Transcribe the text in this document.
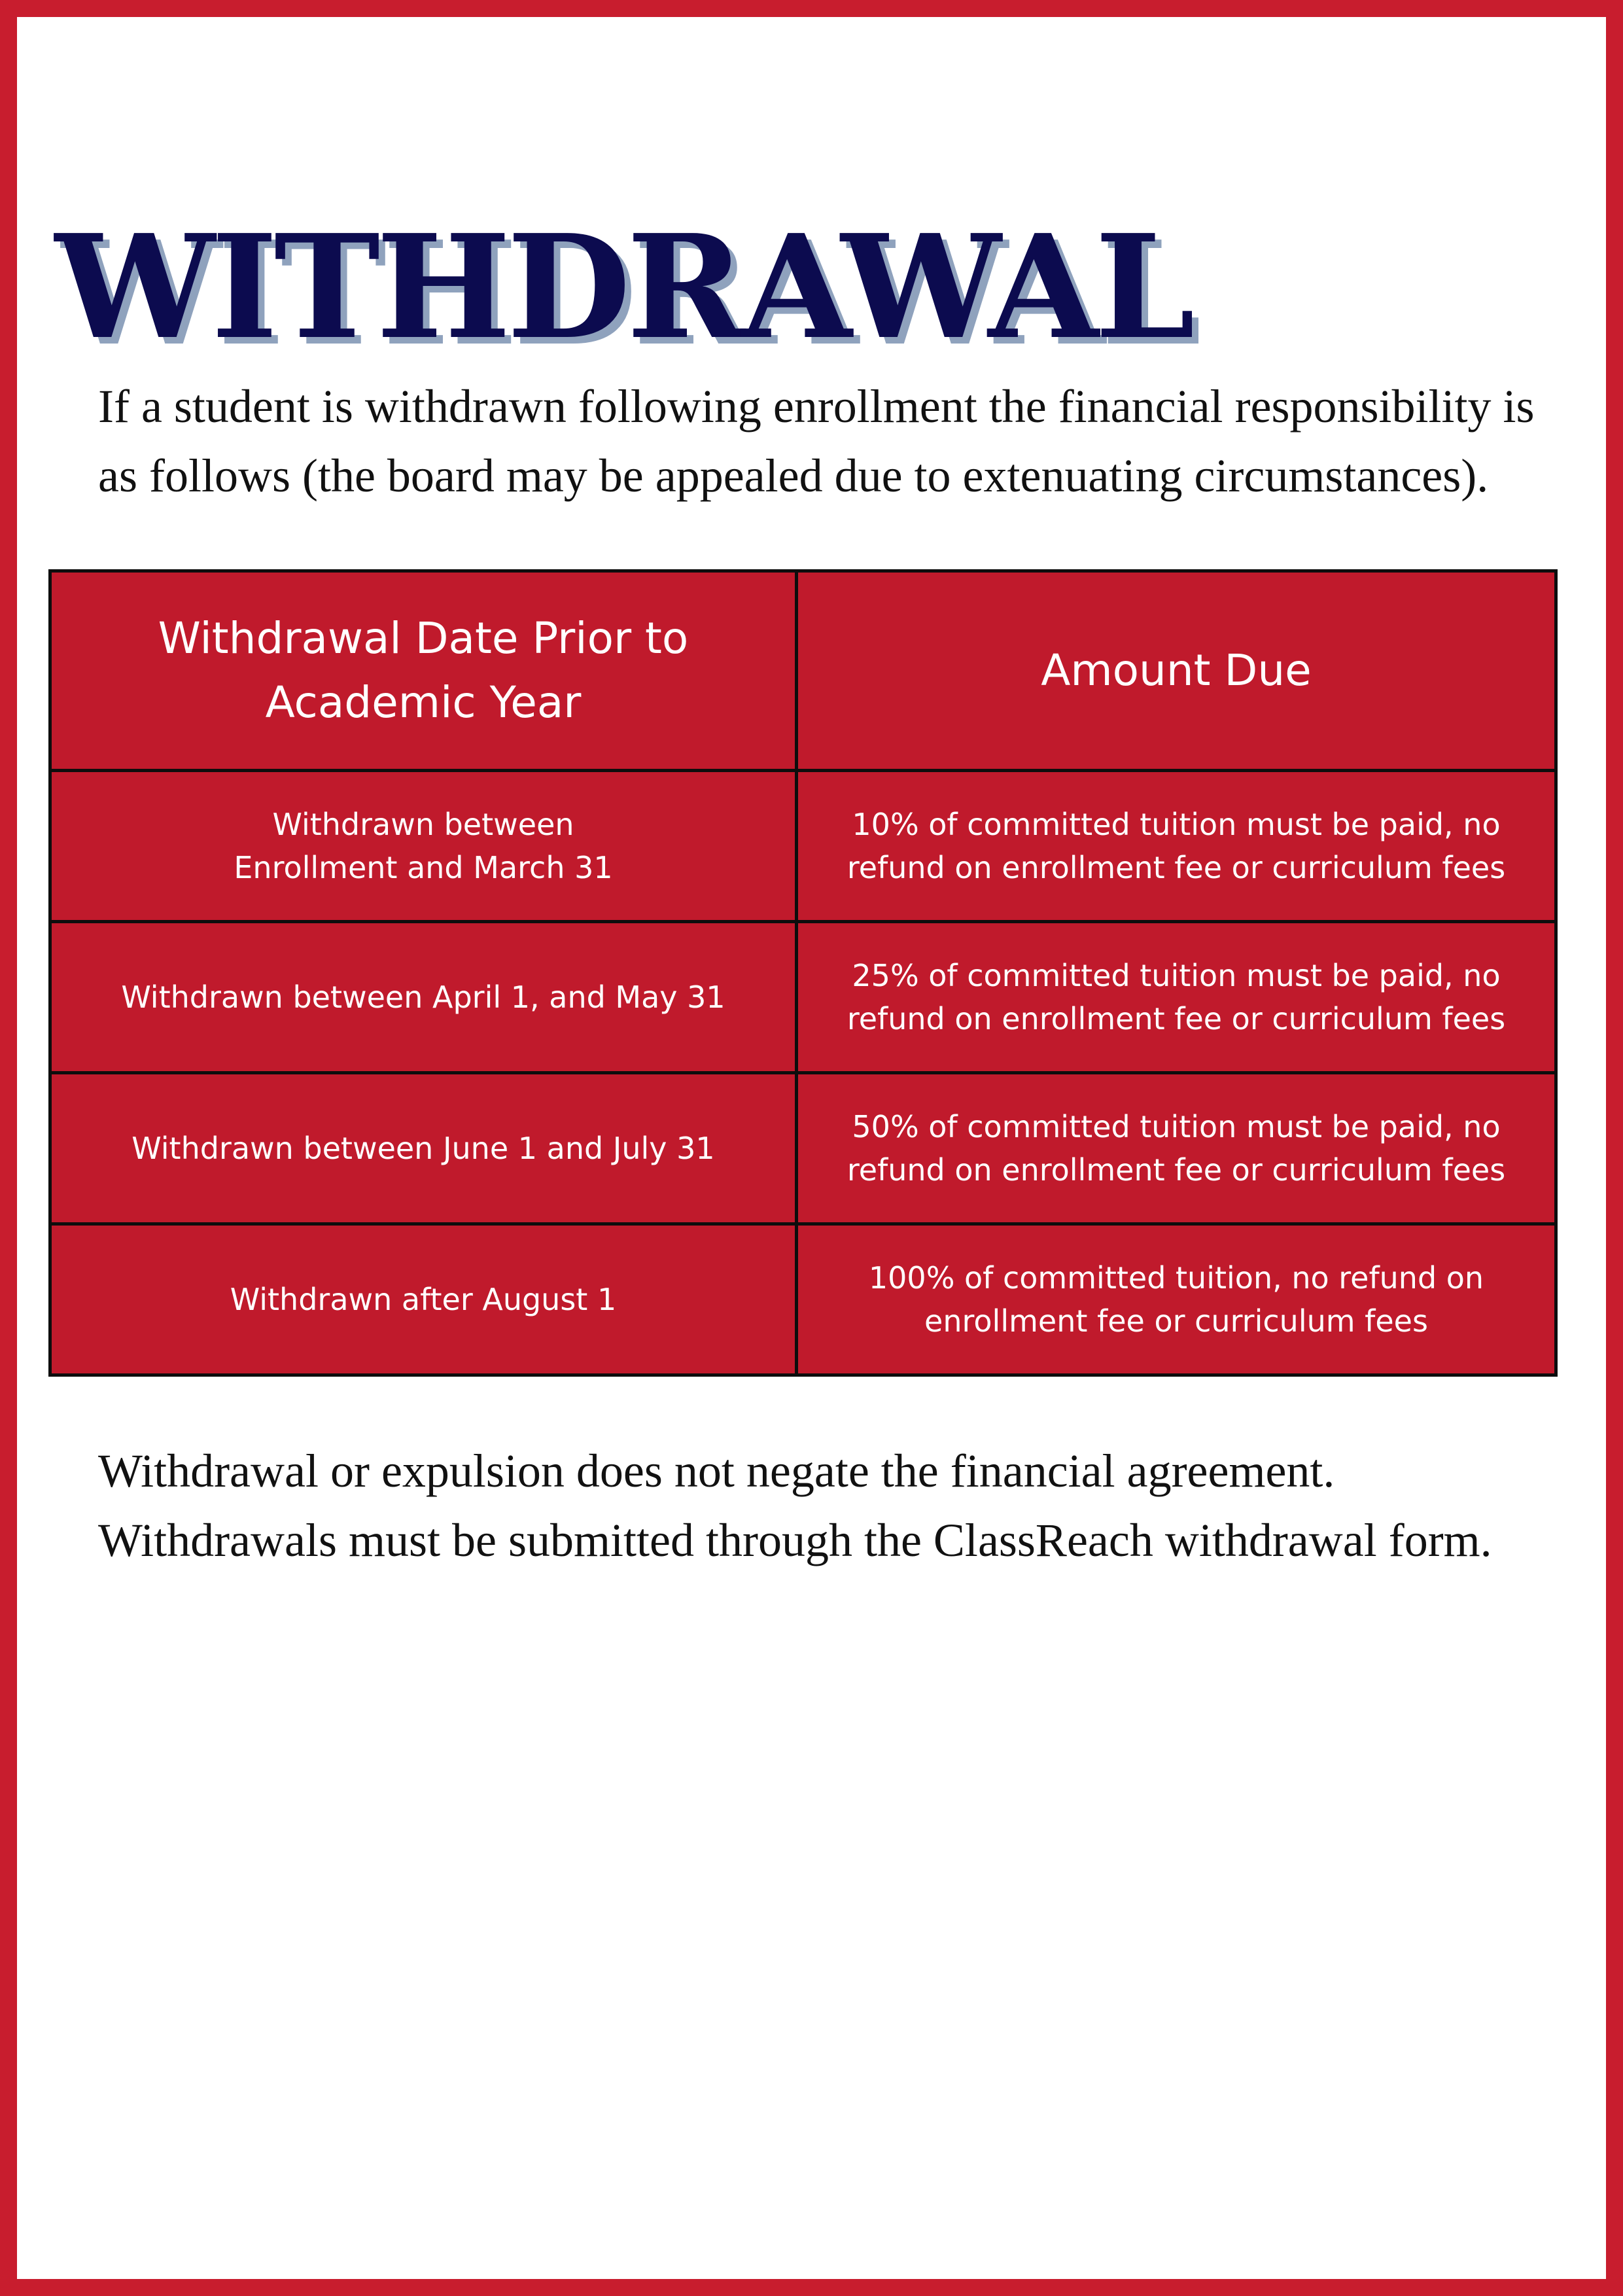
WITHDRAWAL

If a student is withdrawn following enrollment the financial responsibility is as follows (the board may be appealed due to extenuating circumstances).

Withdrawal Date Prior to Academic Year	Amount Due
Withdrawn between
Enrollment and March 31	10% of committed tuition must be paid, no refund on enrollment fee or curriculum fees
Withdrawn between April 1, and May 31	25% of committed tuition must be paid, no refund on enrollment fee or curriculum fees
Withdrawn between June 1 and July 31	50% of committed tuition must be paid, no refund on enrollment fee or curriculum fees
Withdrawn after August 1	100% of committed tuition, no refund on enrollment fee or curriculum fees
Withdrawal or expulsion does not negate the financial agreement.
Withdrawals must be submitted through the ClassReach withdrawal form.
